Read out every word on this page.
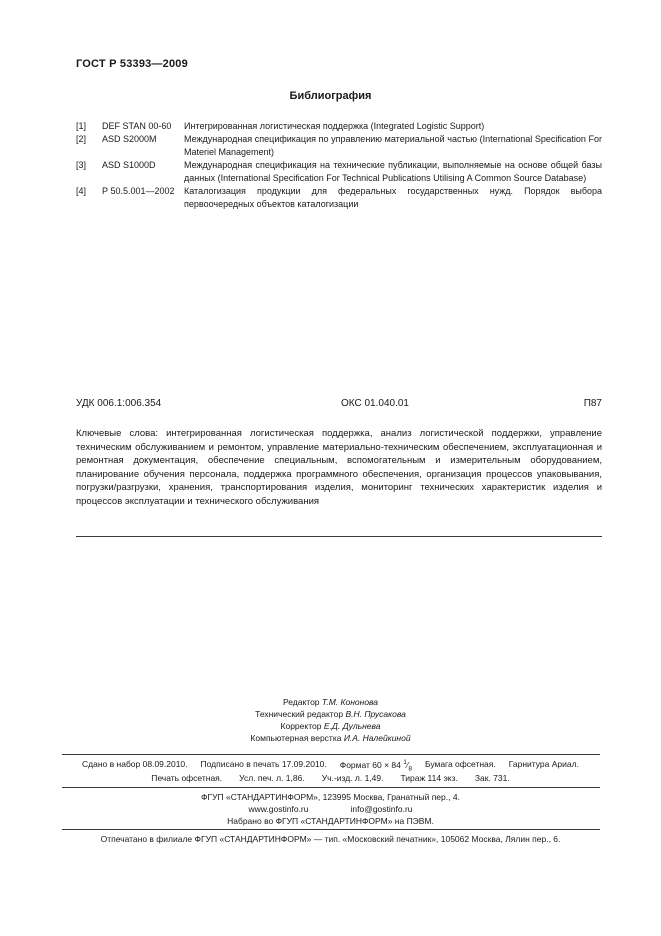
ГОСТ Р 53393—2009
Библиография
[1]	DEF STAN 00-60	Интегрированная логистическая поддержка (Integrated Logistic Support)
[2]	ASD S2000M	Международная спецификация по управлению материальной частью (International Specification For Materiel Management)
[3]	ASD S1000D	Международная спецификация на технические публикации, выполняемые на основе общей базы данных (International Specification For Technical Publications Utilising A Common Source Database)
[4]	Р 50.5.001—2002	Каталогизация продукции для федеральных государственных нужд. Порядок выбора первоочередных объектов каталогизации
УДК 006.1:006.354	ОКС 01.040.01	П87
Ключевые слова: интегрированная логистическая поддержка, анализ логистической поддержки, управление техническим обслуживанием и ремонтом, управление материально-техническим обеспечением, эксплуатационная и ремонтная документация, обеспечение специальным, вспомогательным и измерительным оборудованием, планирование обучения персонала, поддержка программного обеспечения, организация процессов упаковывания, погрузки/разгрузки, хранения, транспортирования изделия, мониторинг технических характеристик изделия и процессов эксплуатации и технического обслуживания
Редактор Т.М. Кононова
Технический редактор В.Н. Прусакова
Корректор Е.Д. Дульнева
Компьютерная верстка И.А. Налейкиной
Сдано в набор 08.09.2010. Подписано в печать 17.09.2010. Формат 60 × 84 $^1⁄_8$
Бумага офсетная. Гарнитура Ариал.
Печать офсетная. Усл. печ. л. 1,86. Уч.-изд. л. 1,49. Тираж 114 экз. Зак. 731.
ФГУП «СТАНДАРТИНФОРМ», 123995 Москва, Гранатный пер., 4.
www.gostinfo.ru	info@gostinfo.ru
Набрано во ФГУП «СТАНДАРТИНФОРМ» на ПЭВМ.
Отпечатано в филиале ФГУП «СТАНДАРТИНФОРМ» — тип. «Московский печатник», 105062 Москва, Лялин пер., 6.
